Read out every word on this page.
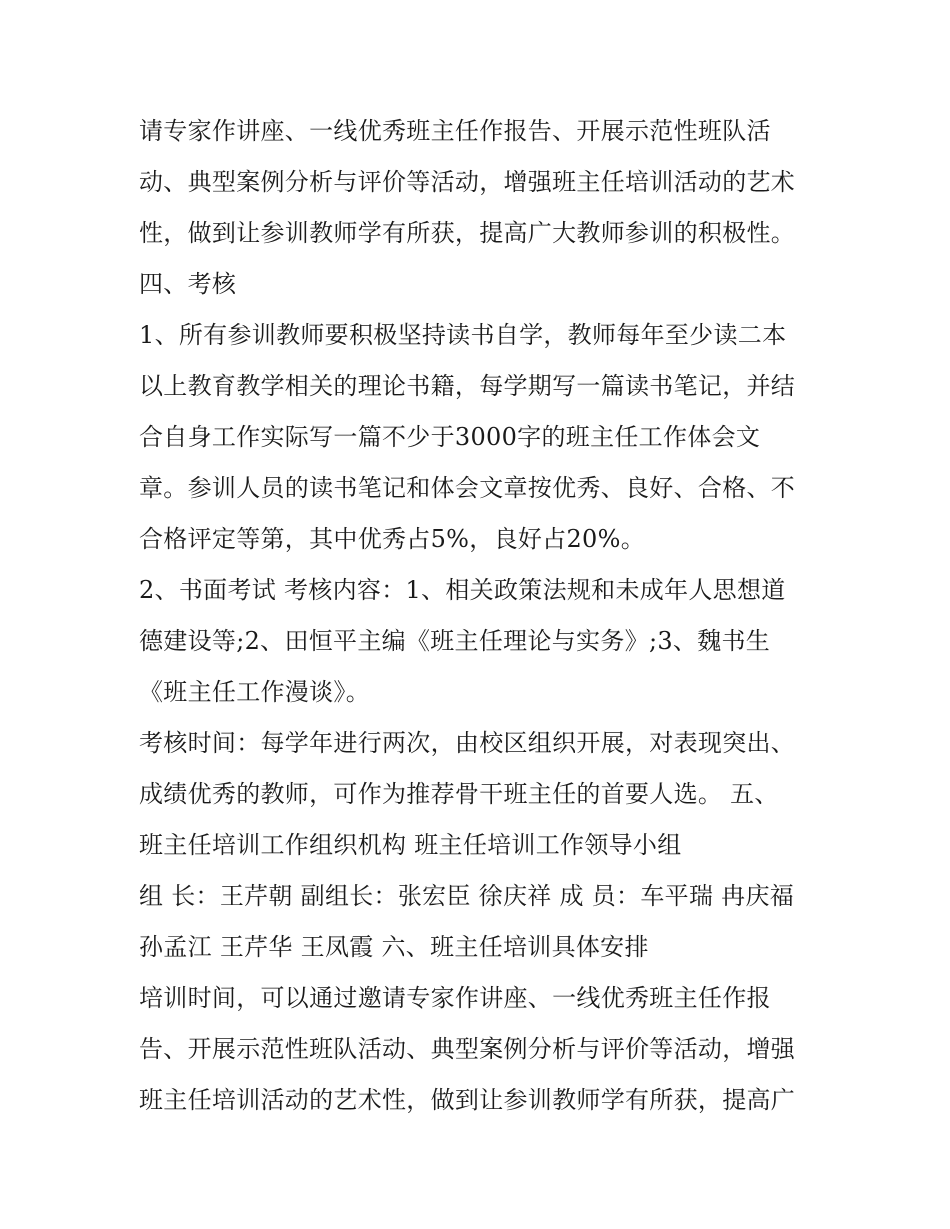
请专家作讲座、一线优秀班主任作报告、开展示范性班队活
动、典型案例分析与评价等活动，增强班主任培训活动的艺术
性，做到让参训教师学有所获，提高广大教师参训的积极性。
四、考核
1、所有参训教师要积极坚持读书自学，教师每年至少读二本
以上教育教学相关的理论书籍，每学期写一篇读书笔记，并结
合自身工作实际写一篇不少于3000字的班主任工作体会文
章。参训人员的读书笔记和体会文章按优秀、良好、合格、不
合格评定等第，其中优秀占5%，良好占20%。
2、书面考试 考核内容：1、相关政策法规和未成年人思想道
德建设等;2、田恒平主编《班主任理论与实务》;3、魏书生
《班主任工作漫谈》。
考核时间：每学年进行两次，由校区组织开展，对表现突出、
成绩优秀的教师，可作为推荐骨干班主任的首要人选。 五、
班主任培训工作组织机构 班主任培训工作领导小组
组 长：王芹朝 副组长：张宏臣 徐庆祥 成 员：车平瑞 冉庆福
孙孟江 王芹华 王凤霞 六、班主任培训具体安排
培训时间，可以通过邀请专家作讲座、一线优秀班主任作报
告、开展示范性班队活动、典型案例分析与评价等活动，增强
班主任培训活动的艺术性，做到让参训教师学有所获，提高广
